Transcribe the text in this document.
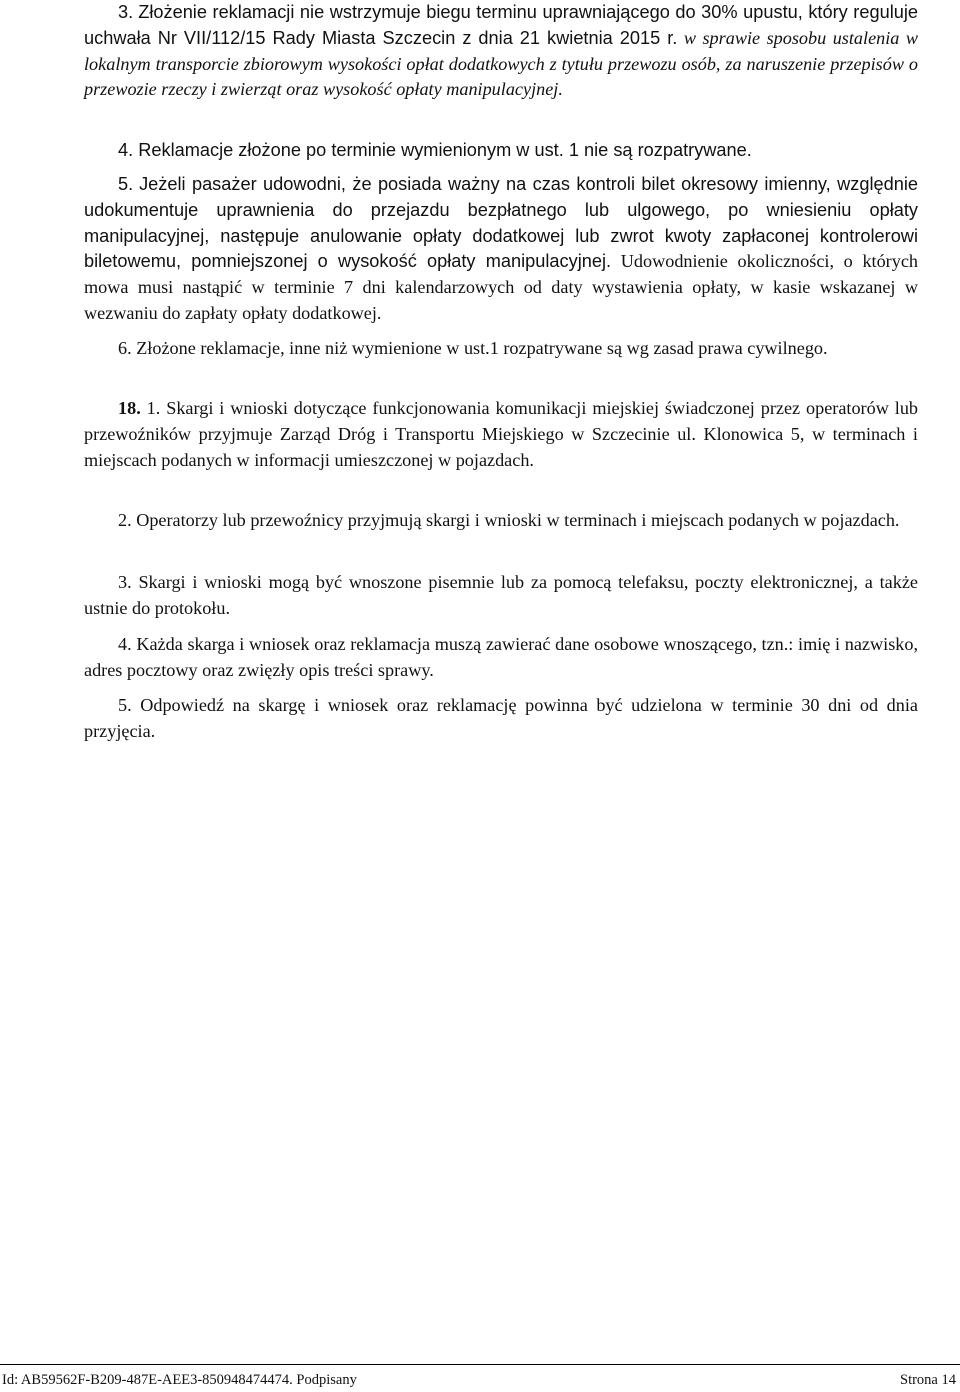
3. Złożenie reklamacji nie wstrzymuje biegu terminu uprawniającego do 30% upustu, który reguluje uchwała Nr VII/112/15 Rady Miasta Szczecin z dnia 21 kwietnia 2015 r. w sprawie sposobu ustalenia w lokalnym transporcie zbiorowym wysokości opłat dodatkowych z tytułu przewozu osób, za naruszenie przepisów o przewozie rzeczy i zwierząt oraz wysokość opłaty manipulacyjnej.

4. Reklamacje złożone po terminie wymienionym w ust. 1 nie są rozpatrywane.

5. Jeżeli pasażer udowodni, że posiada ważny na czas kontroli bilet okresowy imienny, względnie udokumentuje uprawnienia do przejazdu bezpłatnego lub ulgowego, po wniesieniu opłaty manipulacyjnej, następuje anulowanie opłaty dodatkowej lub zwrot kwoty zapłaconej kontrolerowi biletowemu, pomniejszonej o wysokość opłaty manipulacyjnej. Udowodnienie okoliczności, o których mowa musi nastąpić w terminie 7 dni kalendarzowych od daty wystawienia opłaty, w kasie wskazanej w wezwaniu do zapłaty opłaty dodatkowej.

6. Złożone reklamacje, inne niż wymienione w ust.1 rozpatrywane są wg zasad prawa cywilnego.

18. 1. Skargi i wnioski dotyczące funkcjonowania komunikacji miejskiej świadczonej przez operatorów lub przewoźników przyjmuje Zarząd Dróg i Transportu Miejskiego w Szczecinie ul. Klonowica 5, w terminach i miejscach podanych w informacji umieszczonej w pojazdach.

2. Operatorzy lub przewoźnicy przyjmują skargi i wnioski w terminach i miejscach podanych w pojazdach.

3. Skargi i wnioski mogą być wnoszone pisemnie lub za pomocą telefaksu, poczty elektronicznej, a także ustnie do protokołu.

4. Każda skarga i wniosek oraz reklamacja muszą zawierać dane osobowe wnoszącego, tzn.: imię i nazwisko, adres pocztowy oraz zwięzły opis treści sprawy.

5. Odpowiedź na skargę i wniosek oraz reklamację powinna być udzielona w terminie 30 dni od dnia przyjęcia.

Id: AB59562F-B209-487E-AEE3-850948474474. Podpisany	Strona 14
